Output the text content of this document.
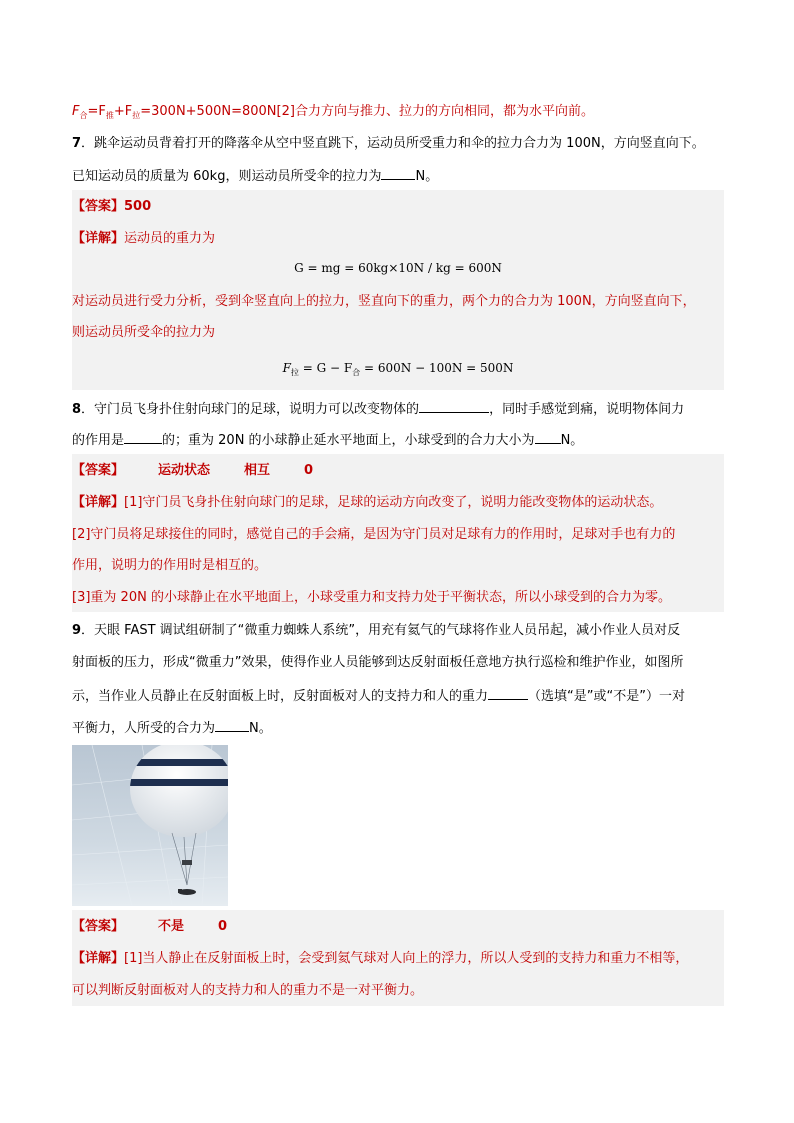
$F_合=F_推+F_拉=300N+500N=800N[2]$合力方向与推力、拉力的方向相同，都为水平向前。
7．跳伞运动员背着打开的降落伞从空中竖直跳下，运动员所受重力和伞的拉力合力为 100N，方向竖直向下。
已知运动员的质量为 60kg，则运动员所受伞的拉力为	N。
【答案】500
【详解】运动员的重力为
G = mg = 60kg×10N / kg = 600N
对运动员进行受力分析，受到伞竖直向上的拉力，竖直向下的重力，两个力的合力为 100N，方向竖直向下，
则运动员所受伞的拉力为
$F_拉 = G - F_合 = 600N - 100N = 500N$
8．守门员飞身扑住射向球门的足球，说明力可以改变物体的	，同时手感觉到痛，说明物体间力
的作用是	的；重为 20N 的小球静止延水平地面上，小球受到的合力大小为 N。
【答案】	运动状态	相互	0
【详解】[1]守门员飞身扑住射向球门的足球，足球的运动方向改变了，说明力能改变物体的运动状态。
[2]守门员将足球接住的同时，感觉自己的手会痛，是因为守门员对足球有力的作用时，足球对手也有力的
作用，说明力的作用时是相互的。
[3]重为 20N 的小球静止在水平地面上，小球受重力和支持力处于平衡状态，所以小球受到的合力为零。
9．天眼 FAST 调试组研制了“微重力蜘蛛人系统”，用充有氦气的气球将作业人员吊起，减小作业人员对反
射面板的压力，形成“微重力”效果，使得作业人员能够到达反射面板任意地方执行巡检和维护作业，如图所
示，当作业人员静止在反射面板上时，反射面板对人的支持力和人的重力	（选填“是”或“不是”）一对
平衡力，人所受的合力为	N。
【答案】	不是	0
【详解】[1]当人静止在反射面板上时，会受到氦气球对人向上的浮力，所以人受到的支持力和重力不相等，
可以判断反射面板对人的支持力和人的重力不是一对平衡力。
